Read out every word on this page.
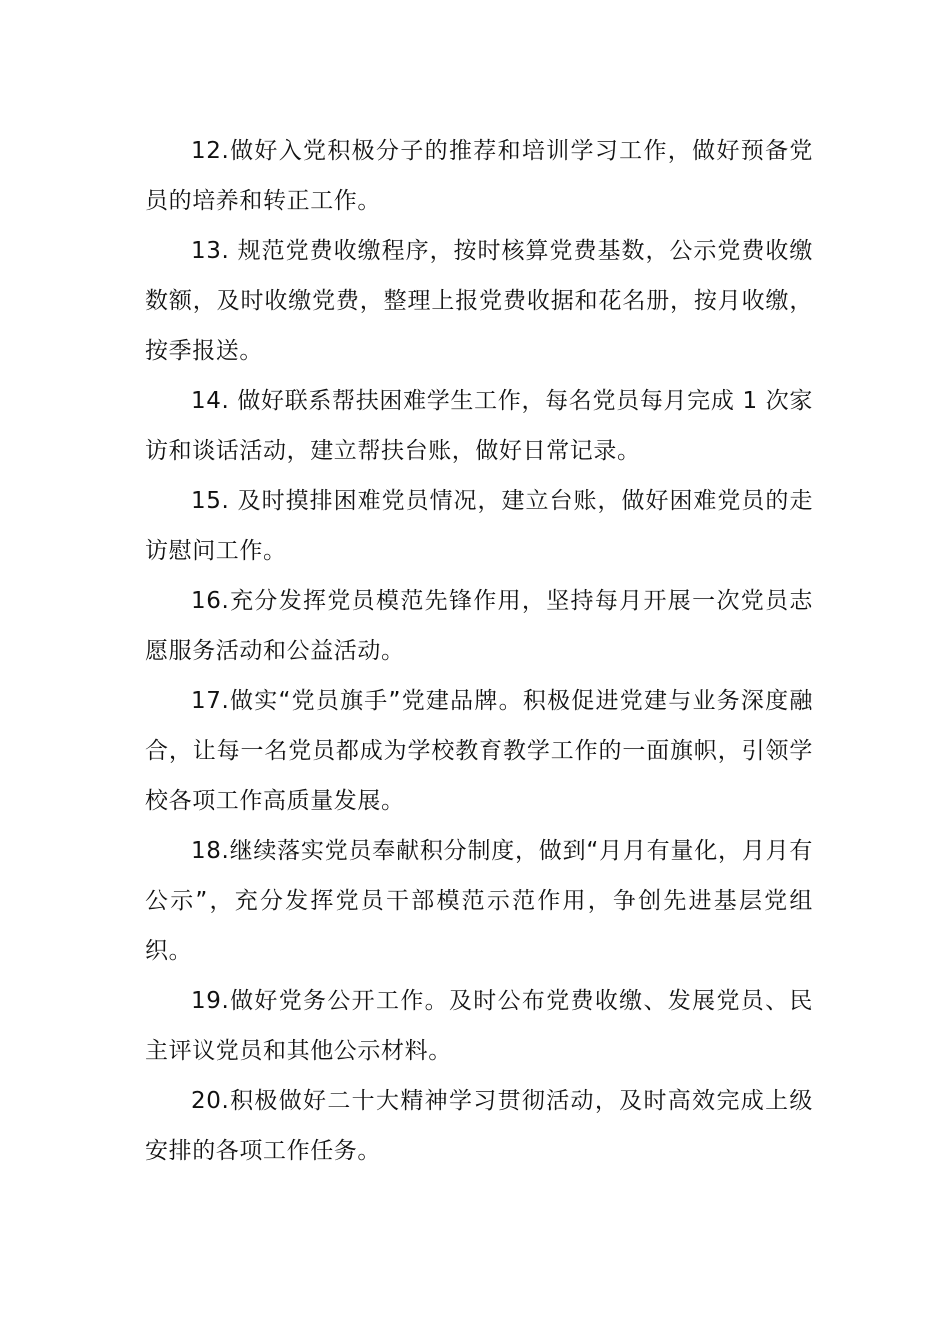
12.做好入党积极分子的推荐和培训学习工作，做好预备党员的培养和转正工作。

13. 规范党费收缴程序，按时核算党费基数，公示党费收缴数额，及时收缴党费，整理上报党费收据和花名册，按月收缴，按季报送。

14. 做好联系帮扶困难学生工作，每名党员每月完成 1 次家访和谈话活动，建立帮扶台账，做好日常记录。

15. 及时摸排困难党员情况，建立台账，做好困难党员的走访慰问工作。

16.充分发挥党员模范先锋作用，坚持每月开展一次党员志愿服务活动和公益活动。

17.做实“党员旗手”党建品牌。积极促进党建与业务深度融合，让每一名党员都成为学校教育教学工作的一面旗帜，引领学校各项工作高质量发展。

18.继续落实党员奉献积分制度，做到“月月有量化，月月有公示”，充分发挥党员干部模范示范作用，争创先进基层党组织。

19.做好党务公开工作。及时公布党费收缴、发展党员、民主评议党员和其他公示材料。

20.积极做好二十大精神学习贯彻活动，及时高效完成上级安排的各项工作任务。
